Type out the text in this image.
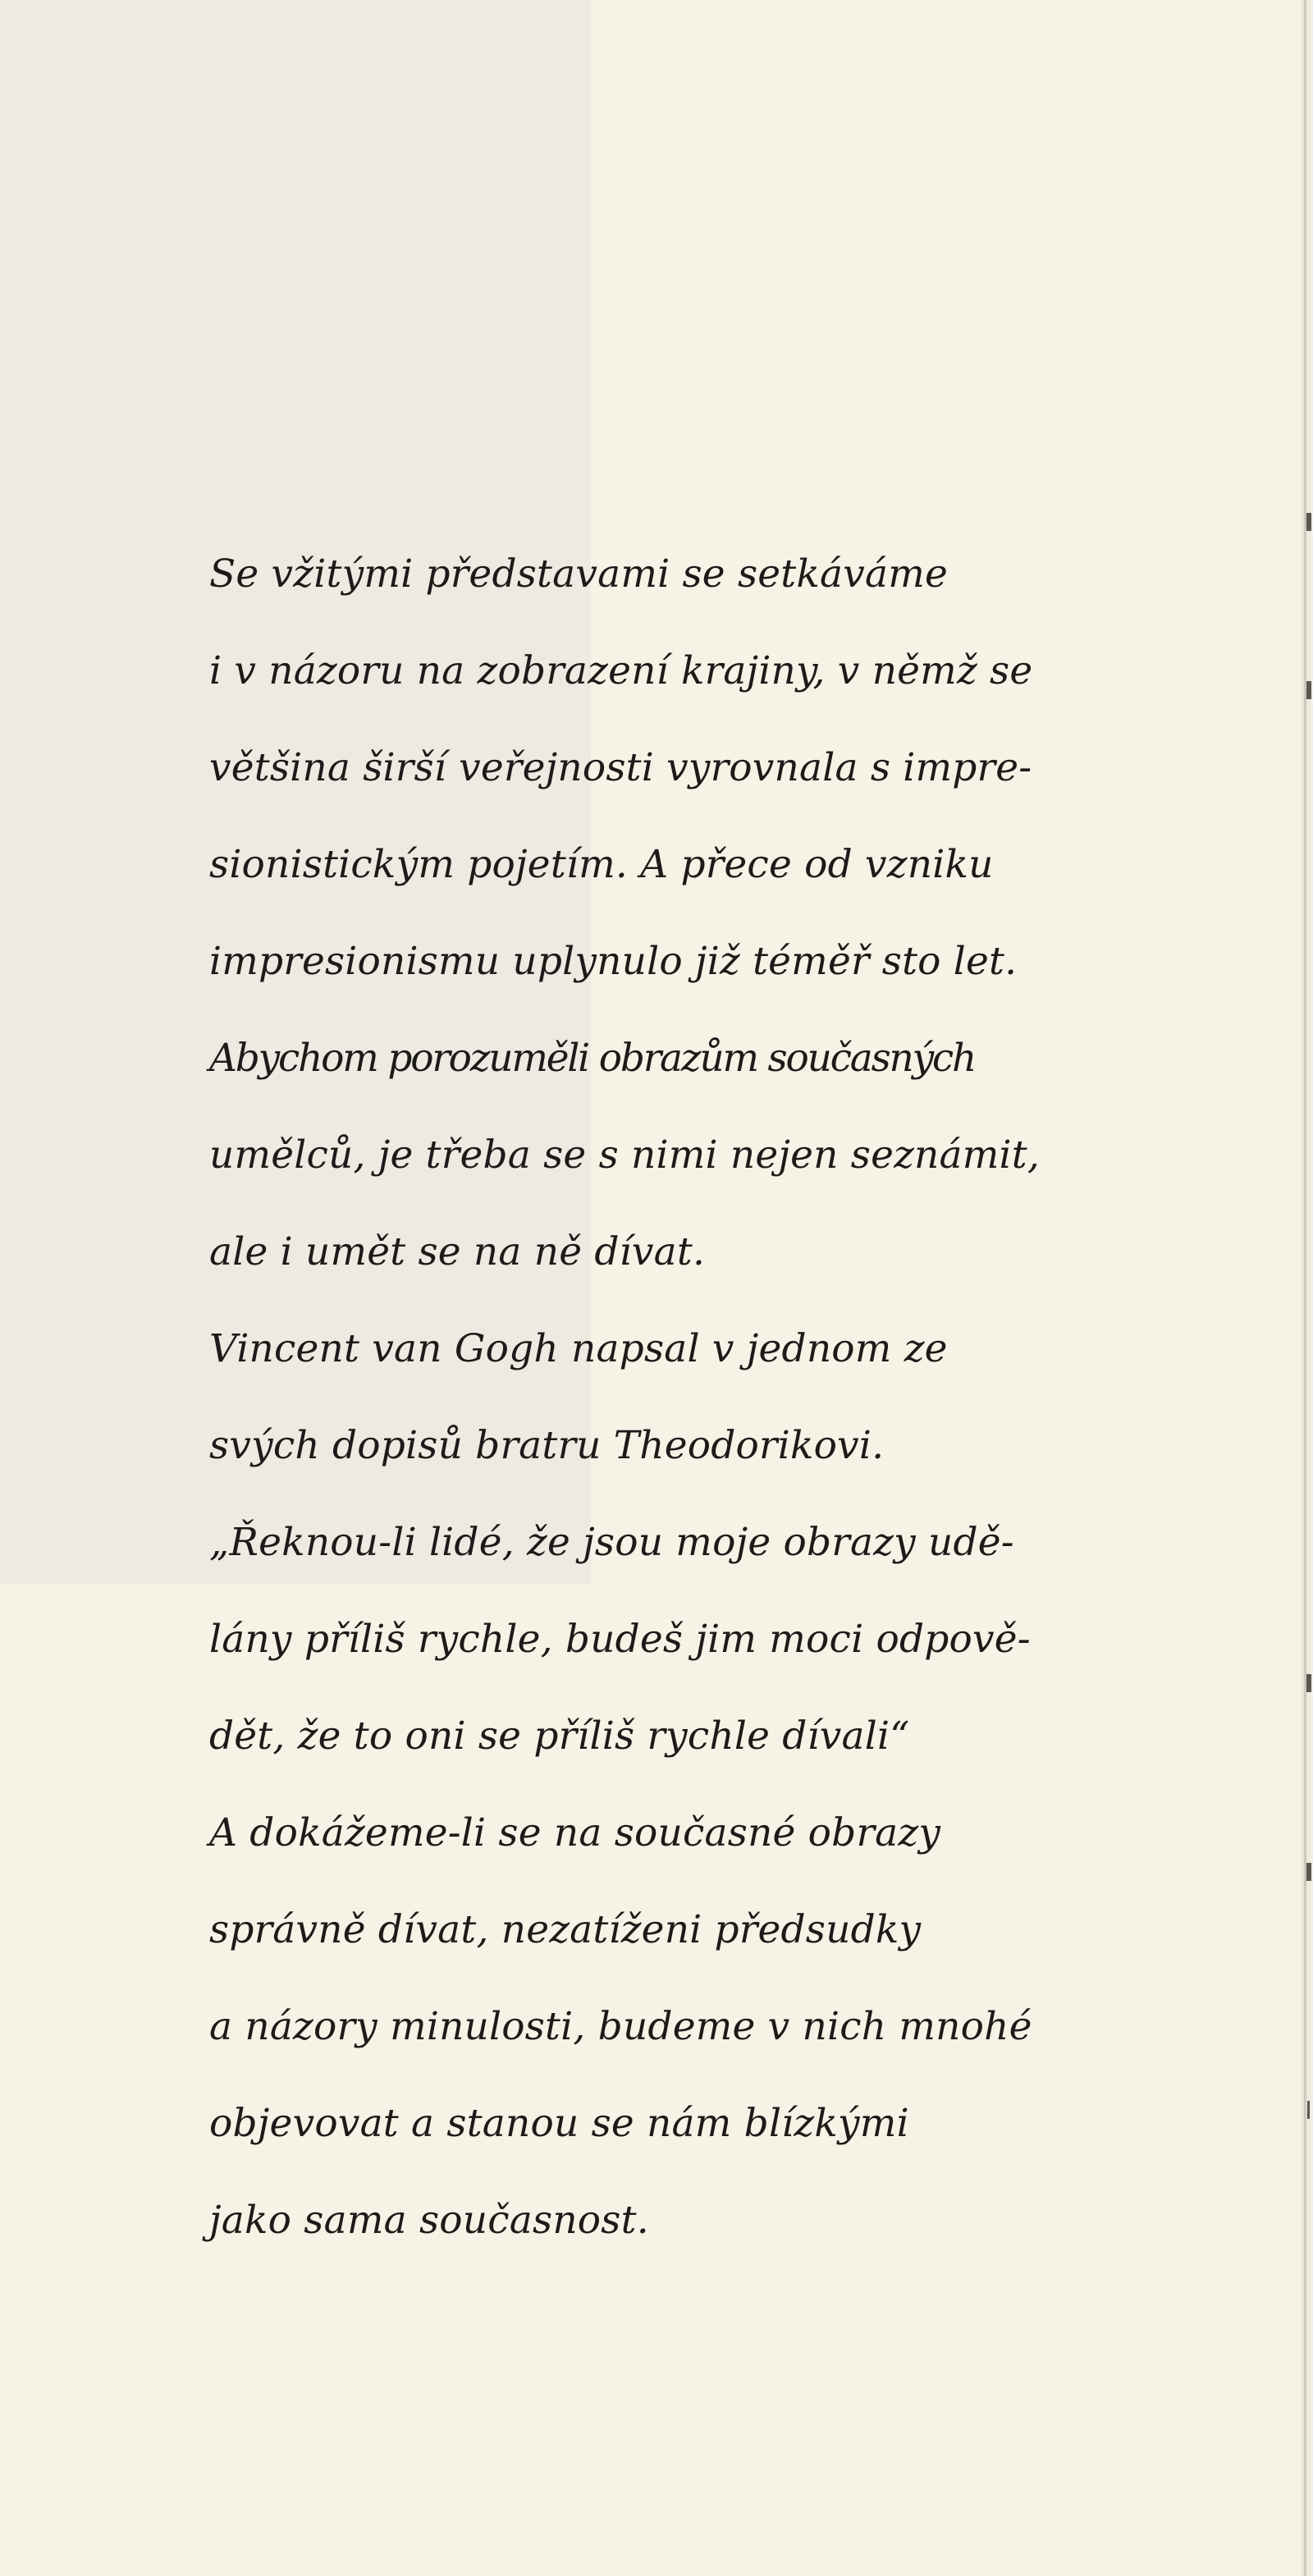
Se vžitými představami se setkáváme
i v názoru na zobrazení krajiny, v němž se
většina širší veřejnosti vyrovnala s impre-
sionistickým pojetím. A přece od vzniku
impresionismu uplynulo již téměř sto let.
Abychom porozuměli obrazům současných
umělců, je třeba se s nimi nejen seznámit,
ale i umět se na ně dívat.
Vincent van Gogh napsal v jednom ze
svých dopisů bratru Theodorikovi.
„Řeknou-li lidé, že jsou moje obrazy udě-
lány příliš rychle, budeš jim moci odpově-
dět, že to oni se příliš rychle dívali“
A dokážeme-li se na současné obrazy
správně dívat, nezatíženi předsudky
a názory minulosti, budeme v nich mnohé
objevovat a stanou se nám blízkými
jako sama současnost.
